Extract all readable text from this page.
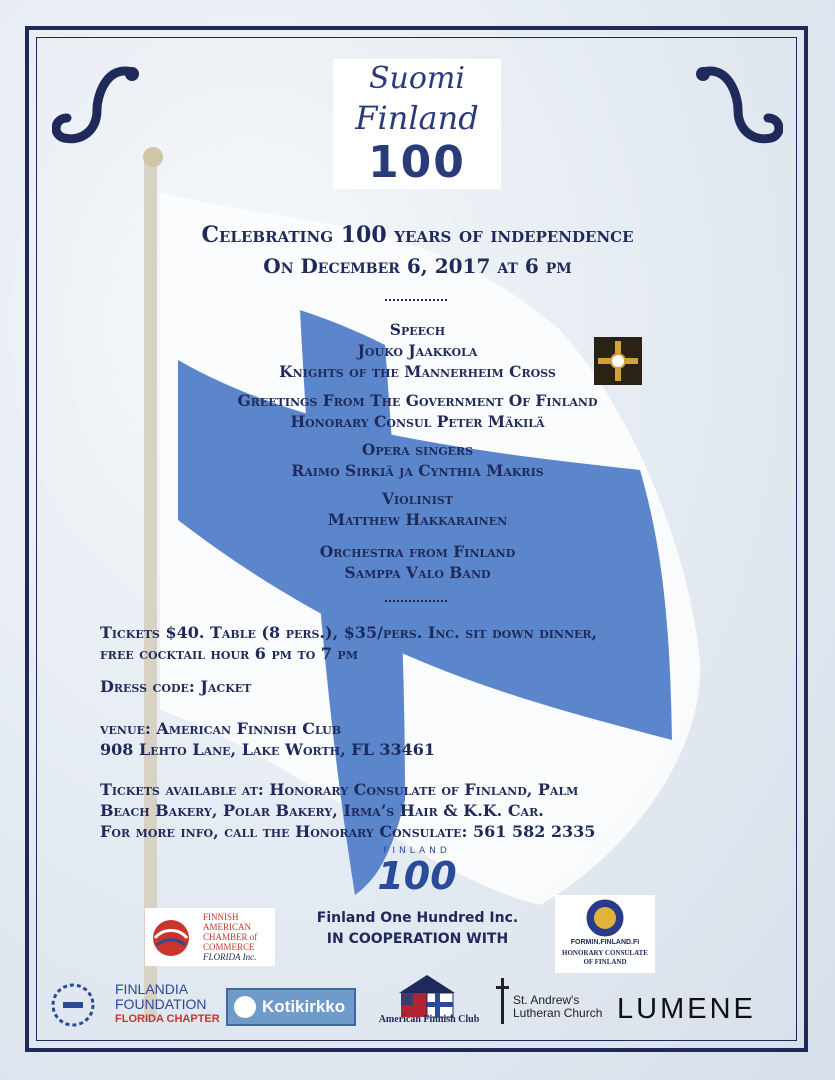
Suomi
Finland
100
Celebrating 100 years of independence
On December 6, 2017 at 6 pm
Speech
Jouko Jaakkola
Knights of the Mannerheim Cross
Greetings From The Government Of Finland
Honorary Consul Peter Mäkilä
Opera singers
Raimo Sirkiä ja Cynthia Makris
Violinist
Matthew Hakkarainen
Orchestra from Finland
Samppa Valo Band
Tickets $40. Table (8 pers.), $35/pers. Inc. sit down dinner,
free cocktail hour 6 pm to 7 pm
Dress code: Jacket
venue: American Finnish Club
908 Lehto Lane, Lake Worth, FL 33461
Tickets available at: Honorary Consulate of Finland, Palm
Beach Bakery, Polar Bakery, Irma’s Hair & K.K. Car.
For more info, call the Honorary Consulate: 561 582 2335
FINLAND
100
Finland One Hundred Inc.
IN COOPERATION WITH
FINNISH
AMERICAN
CHAMBER of
COMMERCE
FLORIDA Inc.
FORMIN.FINLAND.FI
HONORARY CONSULATE
OF FINLAND
FINLANDIA
FOUNDATION
FLORIDA CHAPTER
Kotikirkko
American Finnish Club
St. Andrew's
Lutheran Church LUMENE
